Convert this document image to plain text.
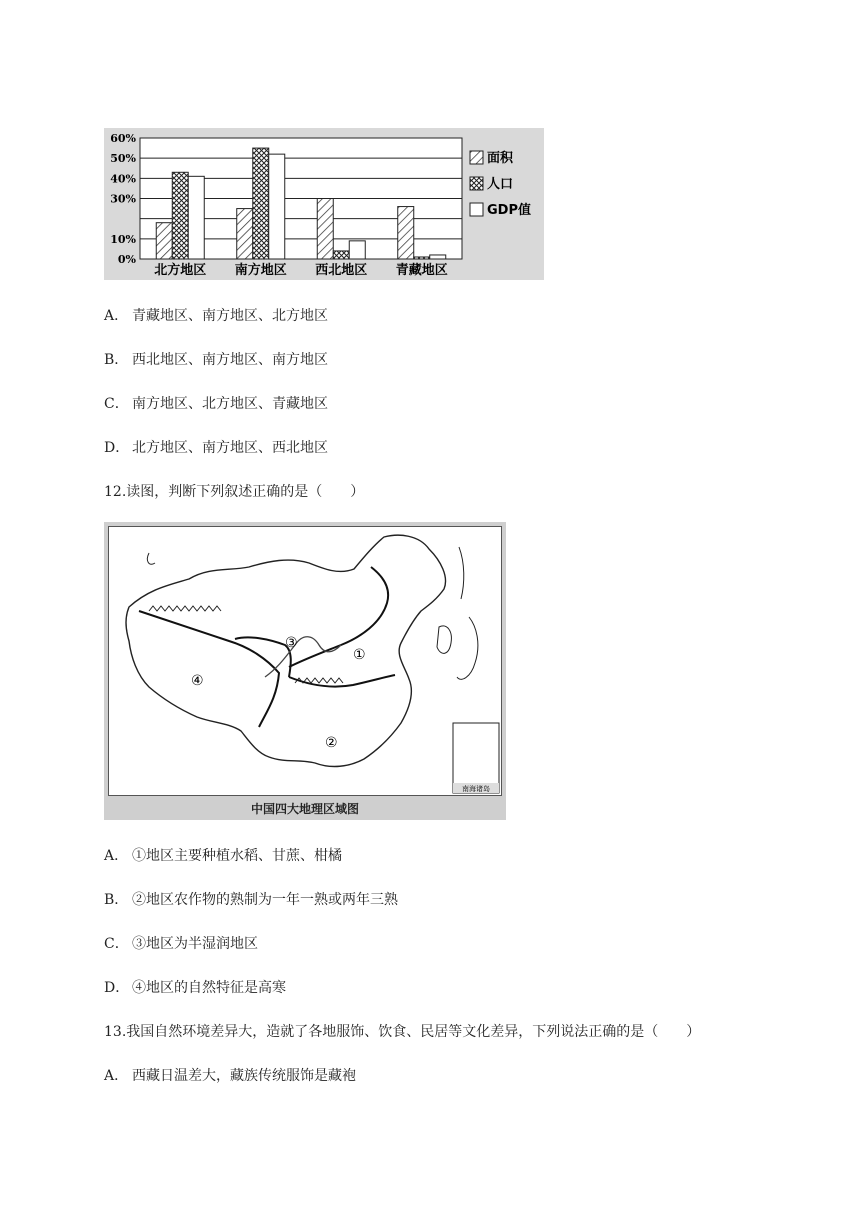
60%
50%
40%
30%
10%
0%
北方地区 南方地区 西北地区 青藏地区
面积
人口
GDP值
A． 青藏地区、南方地区、北方地区
B． 西北地区、南方地区、南方地区
C． 南方地区、北方地区、青藏地区
D． 北方地区、南方地区、西北地区
12.读图，判断下列叙述正确的是（　　）
南海诸岛
①
②
③
④
中国四大地理区域图
A． ①地区主要种植水稻、甘蔗、柑橘
B． ②地区农作物的熟制为一年一熟或两年三熟
C． ③地区为半湿润地区
D． ④地区的自然特征是高寒
13.我国自然环境差异大，造就了各地服饰、饮食、民居等文化差异，下列说法正确的是（　　）
A． 西藏日温差大，藏族传统服饰是藏袍
